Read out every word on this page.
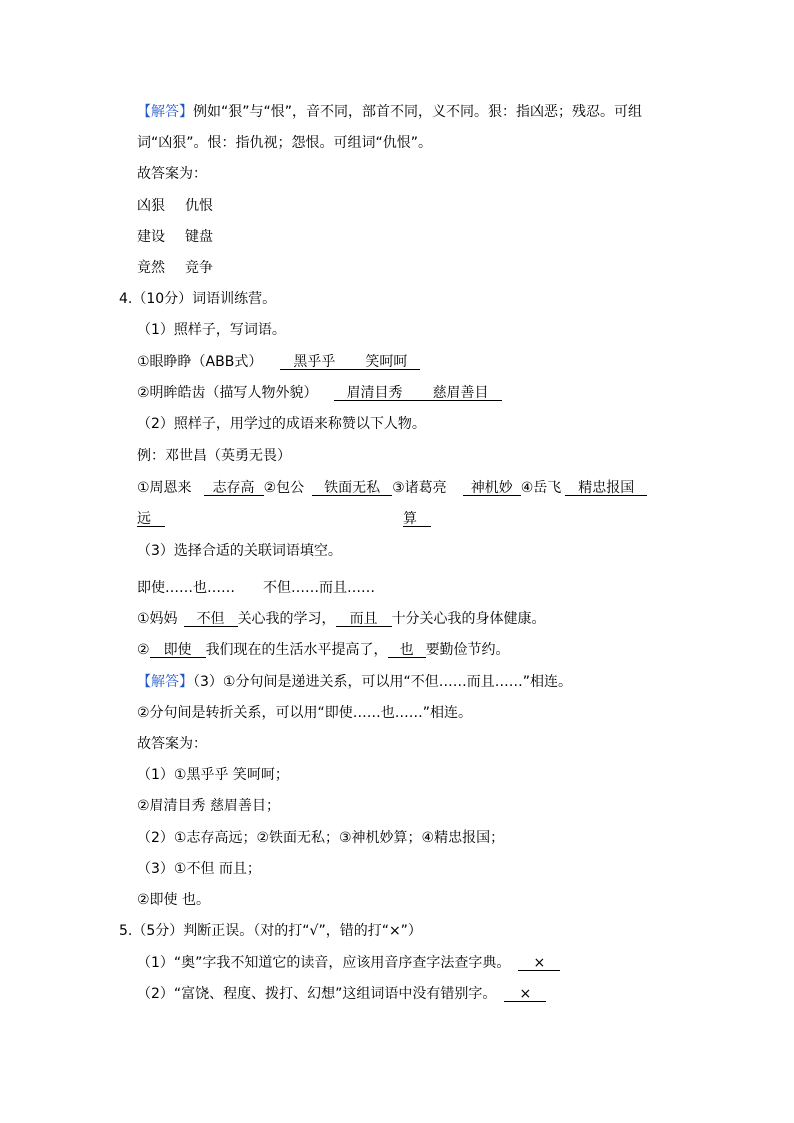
【解答】例如“狠”与“恨”，音不同，部首不同，义不同。狠：指凶恶；残忍。可组
词“凶狠”。恨：指仇视；怨恨。可组词“仇恨”。
故答案为：
凶狠 仇恨
建设 键盘
竟然 竞争
4.（10分）词语训练营。
（1）照样子，写词语。
①眼睁睁（ABB式） 黑乎乎 笑呵呵
②明眸皓齿（描写人物外貌） 眉清目秀 慈眉善目
（2）照样子，用学过的成语来称赞以下人物。
例：邓世昌（英勇无畏）
①周恩来 志存高 ②包公 铁面无私 ③诸葛亮 神机妙 ④岳飞 精忠报国
远	算
（3）选择合适的关联词语填空。
即使……也…… 不但……而且……
①妈妈 不但 关心我的学习， 而且 十分关心我的身体健康。
② 即使 我们现在的生活水平提高了， 也 要勤俭节约。
【解答】（3）①分句间是递进关系，可以用“不但……而且……”相连。
②分句间是转折关系，可以用“即使……也……”相连。
故答案为：
（1）①黑乎乎 笑呵呵；
②眉清目秀 慈眉善目；
（2）①志存高远；②铁面无私；③神机妙算；④精忠报国；
（3）①不但 而且；
②即使 也。
5.（5分）判断正误。（对的打“√”，错的打“×”）
（1）“奥”字我不知道它的读音，应该用音序查字法查字典。 ×
（2）“富饶、程度、拨打、幻想”这组词语中没有错别字。 ×
